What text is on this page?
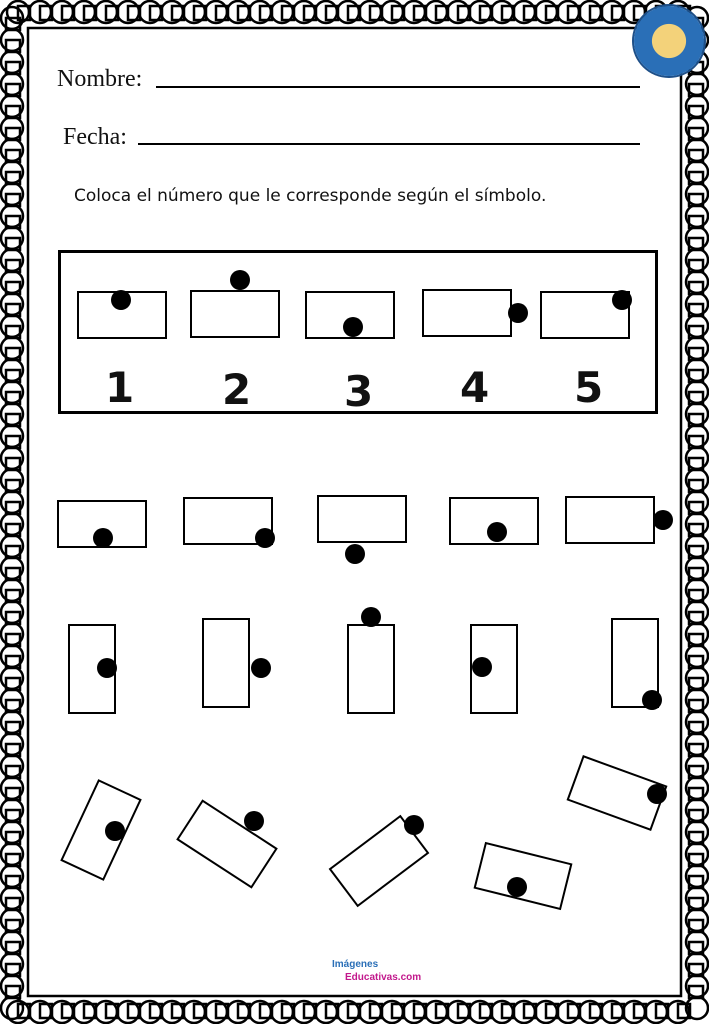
Nombre:
Fecha:
Coloca el número que le corresponde según el símbolo.
1 2 3 4 5
Imágenes
Educativas.com
